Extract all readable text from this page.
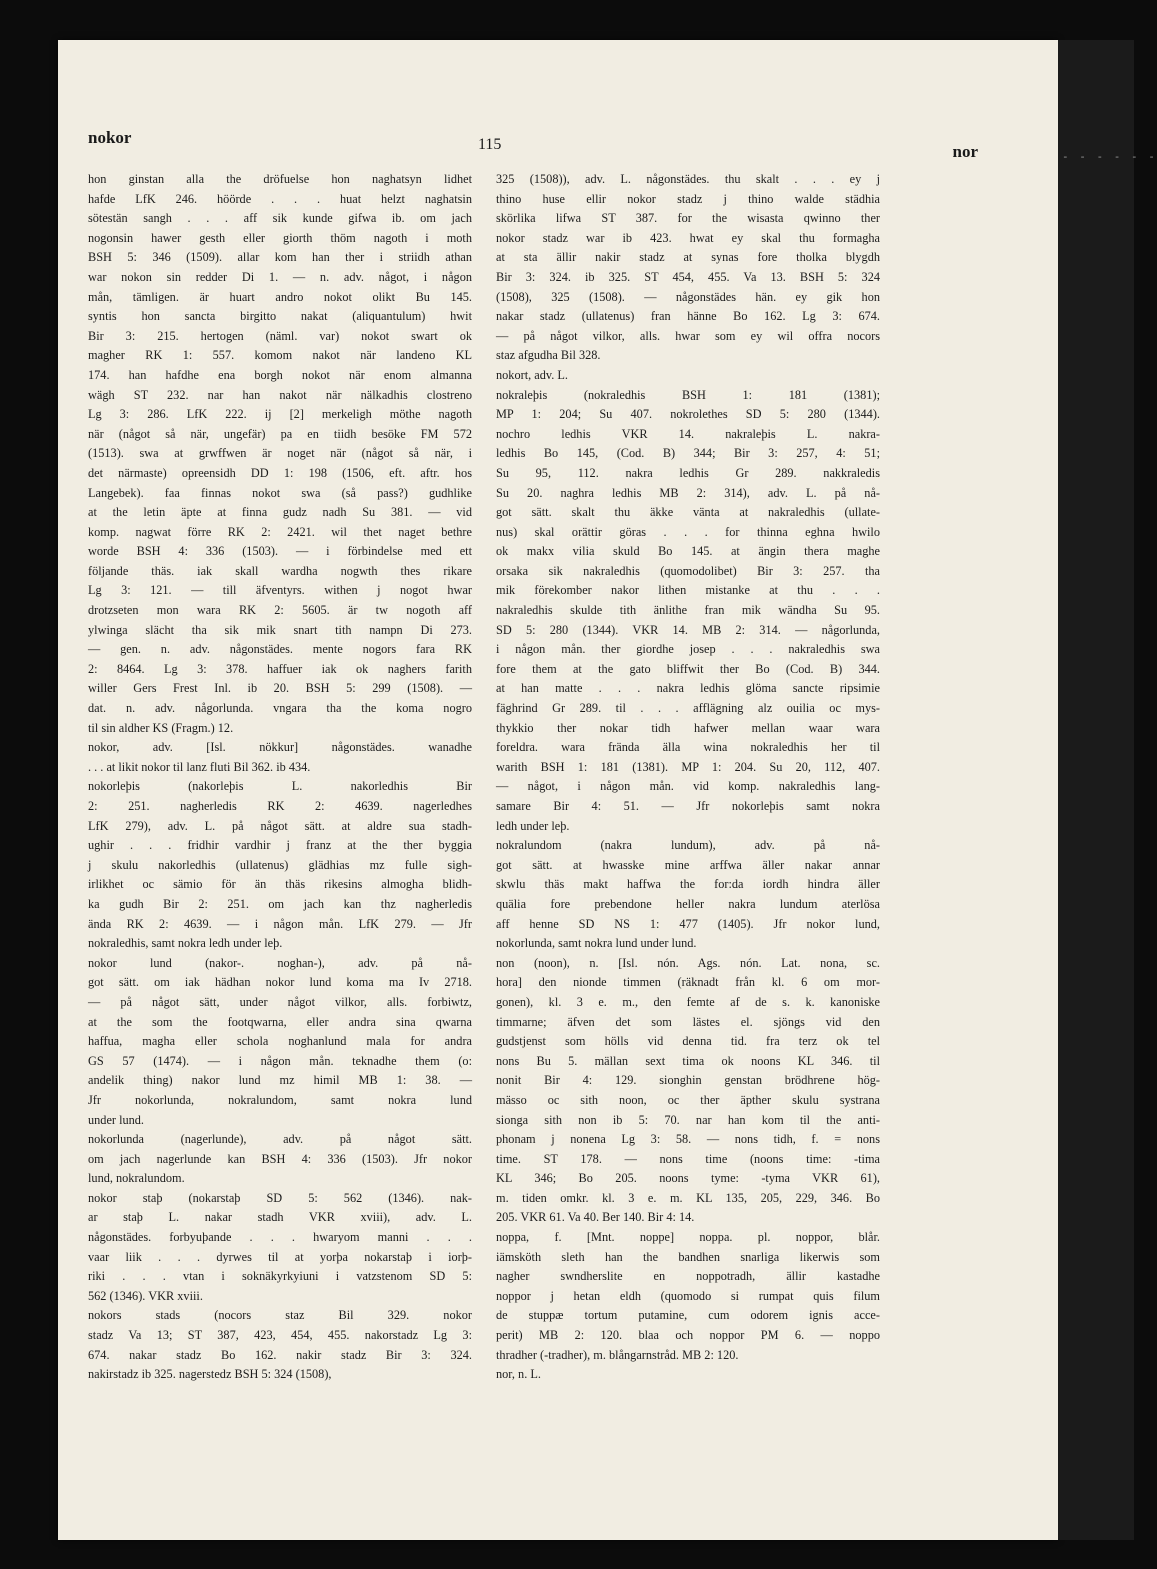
- - - - - -
nokor	115	nor
hon ginstan alla the dröfuelse hon naghatsyn lidhet
hafde LfK 246. höörde . . . huat helzt naghatsin
sötestän sangh . . . aff sik kunde gifwa ib. om jach
nogonsin hawer gesth eller giorth thöm nagoth i moth
BSH 5: 346 (1509). allar kom han ther i striidh athan
war nokon sin redder Di 1. — n. adv. något, i någon
mån, tämligen. är huart andro nokot olikt Bu 145.
syntis hon sancta birgitto nakat (aliquantulum) hwit
Bir 3: 215. hertogen (näml. var) nokot swart ok
magher RK 1: 557. komom nakot när landeno KL
174. han hafdhe ena borgh nokot när enom almanna
wägh ST 232. nar han nakot när nälkadhis clostreno
Lg 3: 286. LfK 222. ij [2] merkeligh möthe nagoth
när (något så när, ungefär) pa en tiidh besöke FM 572
(1513). swa at grwffwen är noget när (något så när, i
det närmaste) opreensidh DD 1: 198 (1506, eft. aftr. hos
Langebek). faa finnas nokot swa (så pass?) gudhlike
at the letin äpte at finna gudz nadh Su 381. — vid
komp. nagwat förre RK 2: 2421. wil thet naget bethre
worde BSH 4: 336 (1503). — i förbindelse med ett
följande thäs. iak skall wardha nogwth thes rikare
Lg 3: 121. — till äfventyrs. withen j nogot hwar
drotzseten mon wara RK 2: 5605. är tw nogoth aff
ylwinga slächt tha sik mik snart tith nampn Di 273.
— gen. n. adv. någonstädes. mente nogors fara RK
2: 8464. Lg 3: 378. haffuer iak ok naghers farith
willer Gers Frest Inl. ib 20. BSH 5: 299 (1508). —
dat. n. adv. någorlunda. vngara tha the koma nogro
til sin aldher KS (Fragm.) 12.
nokor, adv. [Isl. nökkur] någonstädes. wanadhe
. . . at likit nokor til lanz fluti Bil 362. ib 434.
nokorleþis (nakorleþis L. nakorledhis Bir
2: 251. nagherledis RK 2: 4639. nagerledhes
LfK 279), adv. L. på något sätt. at aldre sua stadh-
ughir . . . fridhir vardhir j franz at the ther byggia
j skulu nakorledhis (ullatenus) glädhias mz fulle sigh-
irlikhet oc sämio för än thäs rikesins almogha blidh-
ka gudh Bir 2: 251. om jach kan thz nagherledis
ända RK 2: 4639. — i någon mån. LfK 279. — Jfr
nokraledhis, samt nokra ledh under leþ.
nokor lund (nakor-. noghan-), adv. på nå-
got sätt. om iak hädhan nokor lund koma ma Iv 2718.
— på något sätt, under något vilkor, alls. forbiwtz,
at the som the footqwarna, eller andra sina qwarna
haffua, magha eller schola noghanlund mala for andra
GS 57 (1474). — i någon mån. teknadhe them (o:
andelik thing) nakor lund mz himil MB 1: 38. —
Jfr nokorlunda, nokralundom, samt nokra lund
under lund.
nokorlunda (nagerlunde), adv. på något sätt.
om jach nagerlunde kan BSH 4: 336 (1503). Jfr nokor
lund, nokralundom.
nokor staþ (nokarstaþ SD 5: 562 (1346). nak-
ar staþ L. nakar stadh VKR xviii), adv. L.
någonstädes. forbyuþande . . . hwaryom manni . . .
vaar liik . . . dyrwes til at yorþa nokarstaþ i iorþ-
riki . . . vtan i soknäkyrkyiuni i vatzstenom SD 5:
562 (1346). VKR xviii.
nokors stads (nocors staz Bil 329. nokor
stadz Va 13; ST 387, 423, 454, 455. nakorstadz Lg 3:
674. nakar stadz Bo 162. nakir stadz Bir 3: 324.
nakirstadz ib 325. nagerstedz BSH 5: 324 (1508),
325 (1508)), adv. L. någonstädes. thu skalt . . . ey j
thino huse ellir nokor stadz j thino walde städhia
skörlika lifwa ST 387. for the wisasta qwinno ther
nokor stadz war ib 423. hwat ey skal thu formagha
at sta ällir nakir stadz at synas fore tholka blygdh
Bir 3: 324. ib 325. ST 454, 455. Va 13. BSH 5: 324
(1508), 325 (1508). — någonstädes hän. ey gik hon
nakar stadz (ullatenus) fran hänne Bo 162. Lg 3: 674.
— på något vilkor, alls. hwar som ey wil offra nocors
staz afgudha Bil 328.
nokort, adv. L.
nokraleþis (nokraledhis BSH 1: 181 (1381);
MP 1: 204; Su 407. nokrolethes SD 5: 280 (1344).
nochro ledhis VKR 14. nakraleþis L. nakra-
ledhis Bo 145, (Cod. B) 344; Bir 3: 257, 4: 51;
Su 95, 112. nakra ledhis Gr 289. nakkraledis
Su 20. naghra ledhis MB 2: 314), adv. L. på nå-
got sätt. skalt thu äkke vänta at nakraledhis (ullate-
nus) skal orättir göras . . . for thinna eghna hwilo
ok makx vilia skuld Bo 145. at ängin thera maghe
orsaka sik nakraledhis (quomodolibet) Bir 3: 257. tha
mik förekomber nakor lithen mistanke at thu . . .
nakraledhis skulde tith änlithe fran mik wändha Su 95.
SD 5: 280 (1344). VKR 14. MB 2: 314. — någorlunda,
i någon mån. ther giordhe josep . . . nakraledhis swa
fore them at the gato bliffwit ther Bo (Cod. B) 344.
at han matte . . . nakra ledhis glöma sancte ripsimie
fäghrind Gr 289. til . . . afflägning alz ouilia oc mys-
thykkio ther nokar tidh hafwer mellan waar wara
foreldra. wara frända älla wina nokraledhis her til
warith BSH 1: 181 (1381). MP 1: 204. Su 20, 112, 407.
— något, i någon mån. vid komp. nakraledhis lang-
samare Bir 4: 51. — Jfr nokorleþis samt nokra
ledh under leþ.
nokralundom (nakra lundum), adv. på nå-
got sätt. at hwasske mine arffwa äller nakar annar
skwlu thäs makt haffwa the for:da iordh hindra äller
quälia fore prebendone heller nakra lundum aterlösa
aff henne SD NS 1: 477 (1405). Jfr nokor lund,
nokorlunda, samt nokra lund under lund.
non (noon), n. [Isl. nón. Ags. nón. Lat. nona, sc.
hora] den nionde timmen (räknadt från kl. 6 om mor-
gonen), kl. 3 e. m., den femte af de s. k. kanoniske
timmarne; äfven det som lästes el. sjöngs vid den
gudstjenst som hölls vid denna tid. fra terz ok tel
nons Bu 5. mällan sext tima ok noons KL 346. til
nonit Bir 4: 129. sionghin genstan brödhrene hög-
mässo oc sith noon, oc ther äpther skulu systrana
sionga sith non ib 5: 70. nar han kom til the anti-
phonam j nonena Lg 3: 58. — nons tidh, f. = nons
time. ST 178. — nons time (noons time: -tima
KL 346; Bo 205. noons tyme: -tyma VKR 61),
m. tiden omkr. kl. 3 e. m. KL 135, 205, 229, 346. Bo
205. VKR 61. Va 40. Ber 140. Bir 4: 14.
noppa, f. [Mnt. noppe] noppa. pl. noppor, blår.
iämsköth sleth han the bandhen snarliga likerwis som
nagher swndherslite en noppotradh, ällir kastadhe
noppor j hetan eldh (quomodo si rumpat quis filum
de stuppæ tortum putamine, cum odorem ignis acce-
perit) MB 2: 120. blaa och noppor PM 6. — noppo
thradher (-tradher), m. blångarnstråd. MB 2: 120.
nor, n. L.
